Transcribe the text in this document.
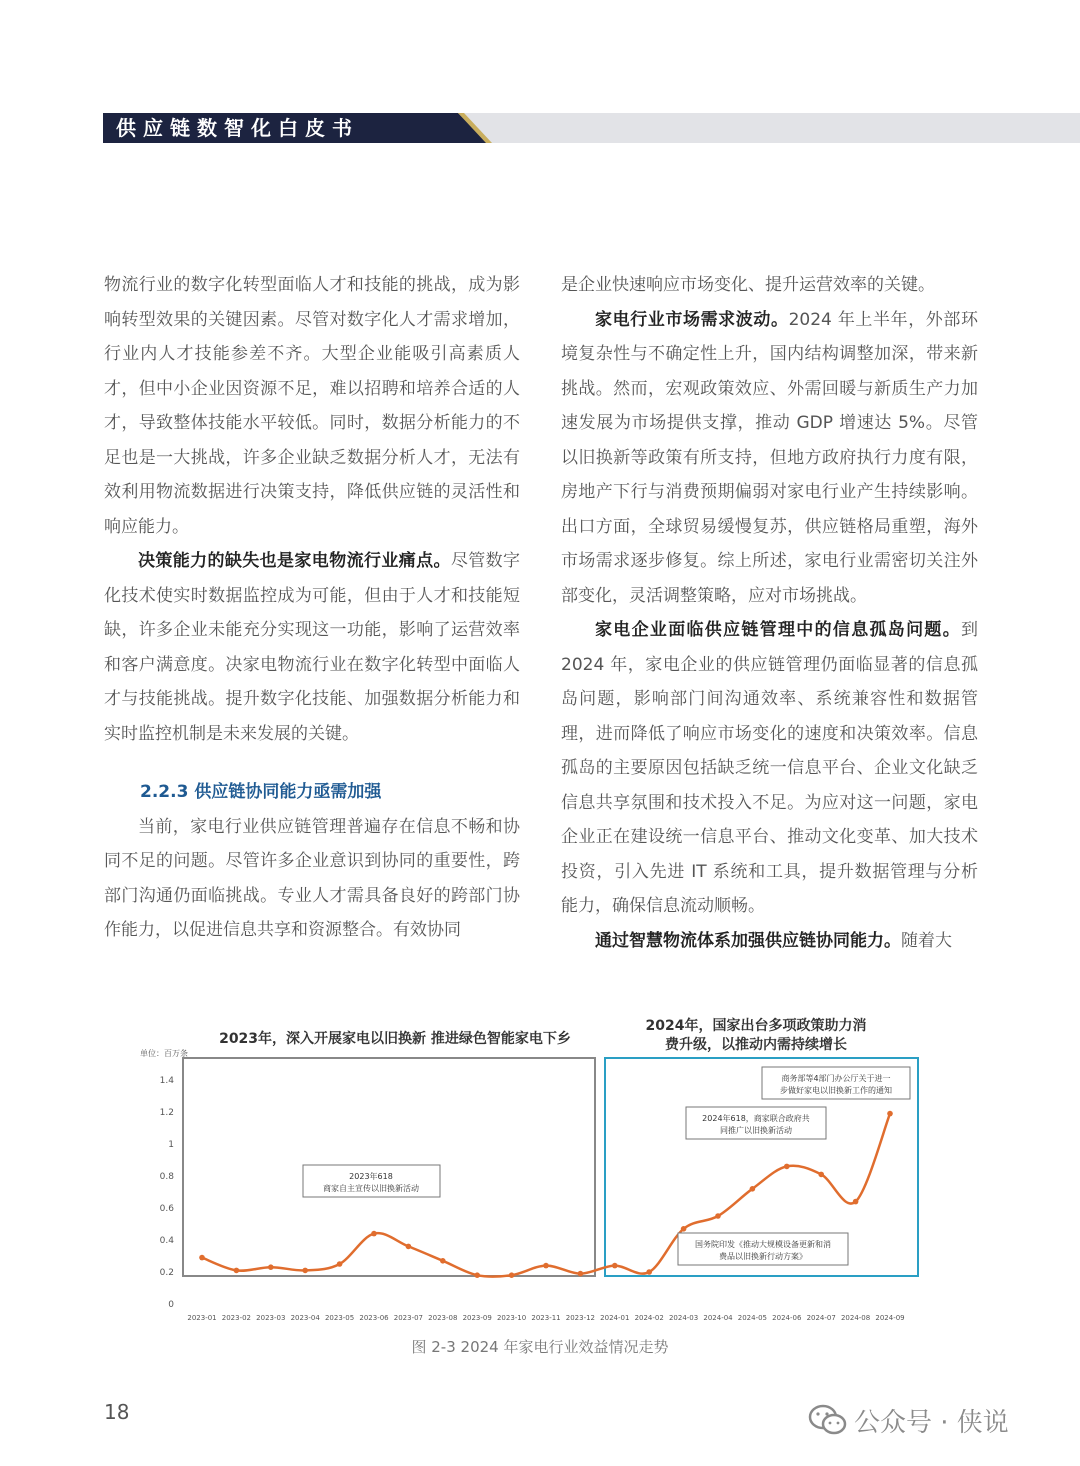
供应链数智化白皮书

物流行业的数字化转型面临人才和技能的挑战，成为影响转型效果的关键因素。尽管对数字化人才需求增加，行业内人才技能参差不齐。大型企业能吸引高素质人才，但中小企业因资源不足，难以招聘和培养合适的人才，导致整体技能水平较低。同时，数据分析能力的不足也是一大挑战，许多企业缺乏数据分析人才，无法有效利用物流数据进行决策支持，降低供应链的灵活性和响应能力。

决策能力的缺失也是家电物流行业痛点。尽管数字化技术使实时数据监控成为可能，但由于人才和技能短缺，许多企业未能充分实现这一功能，影响了运营效率和客户满意度。决家电物流行业在数字化转型中面临人才与技能挑战。提升数字化技能、加强数据分析能力和实时监控机制是未来发展的关键。

2.2.3 供应链协同能力亟需加强

当前，家电行业供应链管理普遍存在信息不畅和协同不足的问题。尽管许多企业意识到协同的重要性，跨部门沟通仍面临挑战。专业人才需具备良好的跨部门协作能力，以促进信息共享和资源整合。有效协同

是企业快速响应市场变化、提升运营效率的关键。

家电行业市场需求波动。2024 年上半年，外部环境复杂性与不确定性上升，国内结构调整加深，带来新挑战。然而，宏观政策效应、外需回暖与新质生产力加速发展为市场提供支撑，推动 GDP 增速达 5%。尽管以旧换新等政策有所支持，但地方政府执行力度有限，房地产下行与消费预期偏弱对家电行业产生持续影响。出口方面，全球贸易缓慢复苏，供应链格局重塑，海外市场需求逐步修复。综上所述，家电行业需密切关注外部变化，灵活调整策略，应对市场挑战。

家电企业面临供应链管理中的信息孤岛问题。到 2024 年，家电企业的供应链管理仍面临显著的信息孤岛问题，影响部门间沟通效率、系统兼容性和数据管理，进而降低了响应市场变化的速度和决策效率。信息孤岛的主要原因包括缺乏统一信息平台、企业文化缺乏信息共享氛围和技术投入不足。为应对这一问题，家电企业正在建设统一信息平台、推动文化变革、加大技术投资，引入先进 IT 系统和工具，提升数据管理与分析能力，确保信息流动顺畅。

通过智慧物流体系加强供应链协同能力。随着大

2023年，深入开展家电以旧换新 推进绿色智能家电下乡
2024年，国家出台多项政策助力消
费升级，以推动内需持续增长
单位：百万条
0
0.2
0.4
0.6
0.8
1
1.2
1.4
2023-01 2023-02 2023-03 2023-04 2023-05 2023-06 2023-07 2023-08 2023-09 2023-10 2023-11 2023-12 2024-01 2024-02 2024-03 2024-04 2024-05 2024-06 2024-07 2024-08 2024-09
2023年618
商家自主宣传以旧换新活动
2024年618，商家联合政府共
同推广以旧换新活动
商务部等4部门办公厅关于进一
步做好家电以旧换新工作的通知
国务院印发《推动大规模设备更新和消
费品以旧换新行动方案》
图 2-3 2024 年家电行业效益情况走势
18	公众号 · 侠说
